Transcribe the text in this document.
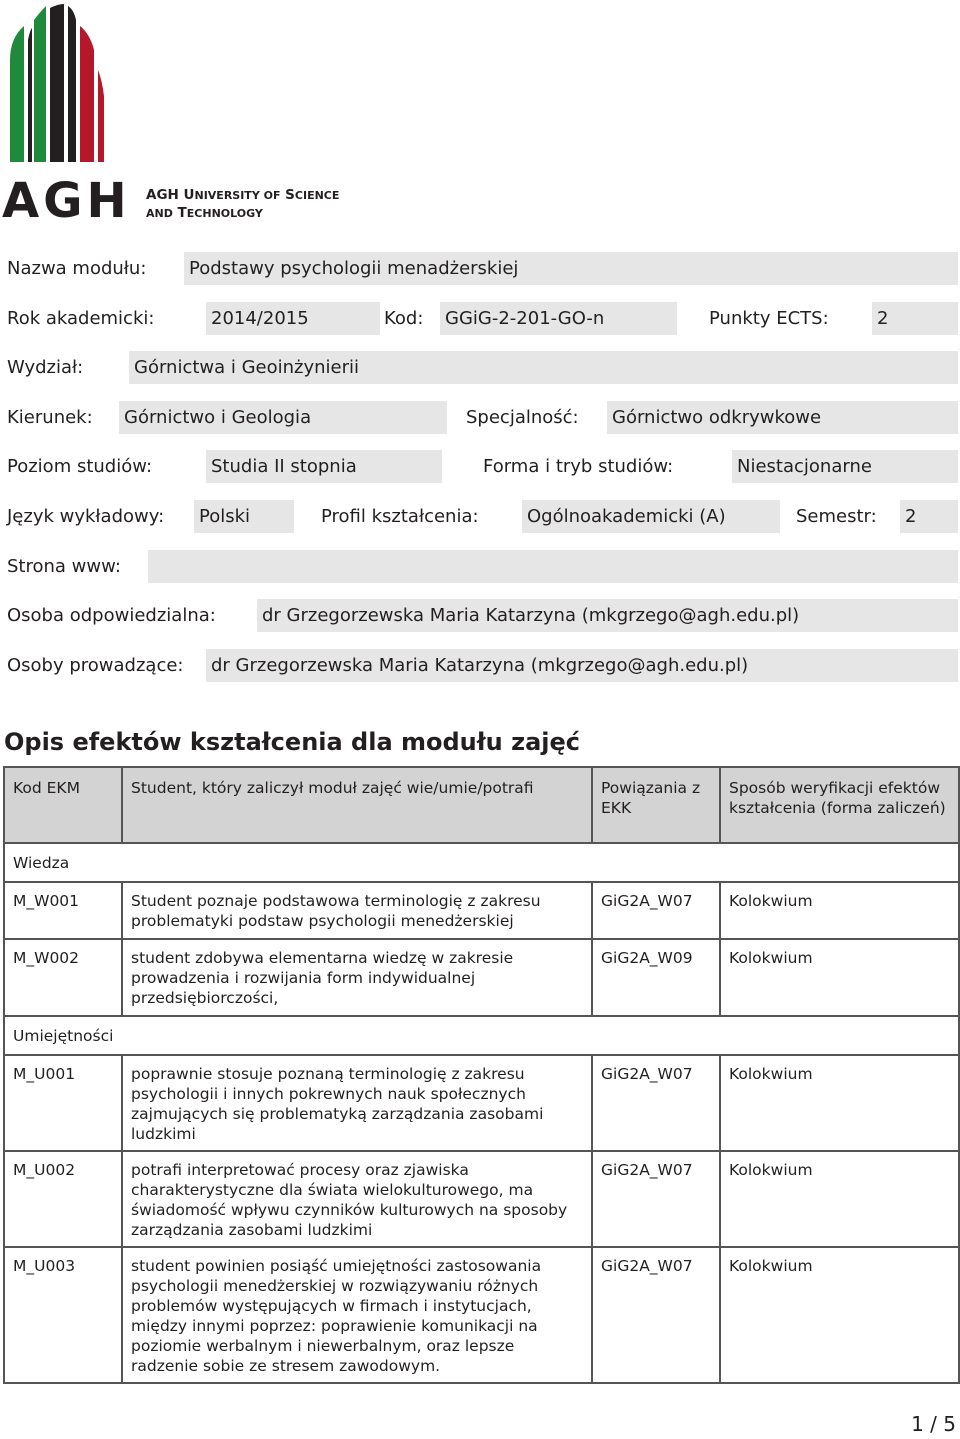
AGH AGH UNIVERSITY OF SCIENCE
AND TECHNOLOGY
Nazwa modułu: Podstawy psychologii menadżerskiej
Rok akademicki:	2014/2015	Kod: GGiG-2-201-GO-n	Punkty ECTS:	2
Wydział:	Górnictwa i Geoinżynierii
Kierunek: Górnictwo i Geologia	Specjalność: Górnictwo odkrywkowe
Poziom studiów:	Studia II stopnia	Forma i tryb studiów:	Niestacjonarne
Język wykładowy: Polski	Profil kształcenia:	Ogólnoakademicki (A)	Semestr: 2
Strona www:
Osoba odpowiedzialna:	dr Grzegorzewska Maria Katarzyna (mkgrzego@agh.edu.pl)
Osoby prowadzące: dr Grzegorzewska Maria Katarzyna (mkgrzego@agh.edu.pl)
Opis efektów kształcenia dla modułu zajęć
Kod EKM	Student, który zaliczył moduł zajęć wie/umie/potrafi	Powiązania z EKK	Sposób weryfikacji efektów kształcenia (forma zaliczeń)
Wiedza			
M_W001	Student poznaje podstawowa terminologię z zakresu problematyki podstaw psychologii menedżerskiej	GiG2A_W07	Kolokwium
M_W002	student zdobywa elementarna wiedzę w zakresie prowadzenia i rozwijania form indywidualnej przedsiębiorczości,	GiG2A_W09	Kolokwium
Umiejętności			
M_U001	poprawnie stosuje poznaną terminologię z zakresu psychologii i innych pokrewnych nauk społecznych zajmujących się problematyką zarządzania zasobami ludzkimi	GiG2A_W07	Kolokwium
M_U002	potrafi interpretować procesy oraz zjawiska charakterystyczne dla świata wielokulturowego, ma świadomość wpływu czynników kulturowych na sposoby zarządzania zasobami ludzkimi	GiG2A_W07	Kolokwium
M_U003	student powinien posiąść umiejętności zastosowania psychologii menedżerskiej w rozwiązywaniu różnych problemów występujących w firmach i instytucjach, między innymi poprzez: poprawienie komunikacji na poziomie werbalnym i niewerbalnym, oraz lepsze radzenie sobie ze stresem zawodowym.	GiG2A_W07	Kolokwium
1 / 5
